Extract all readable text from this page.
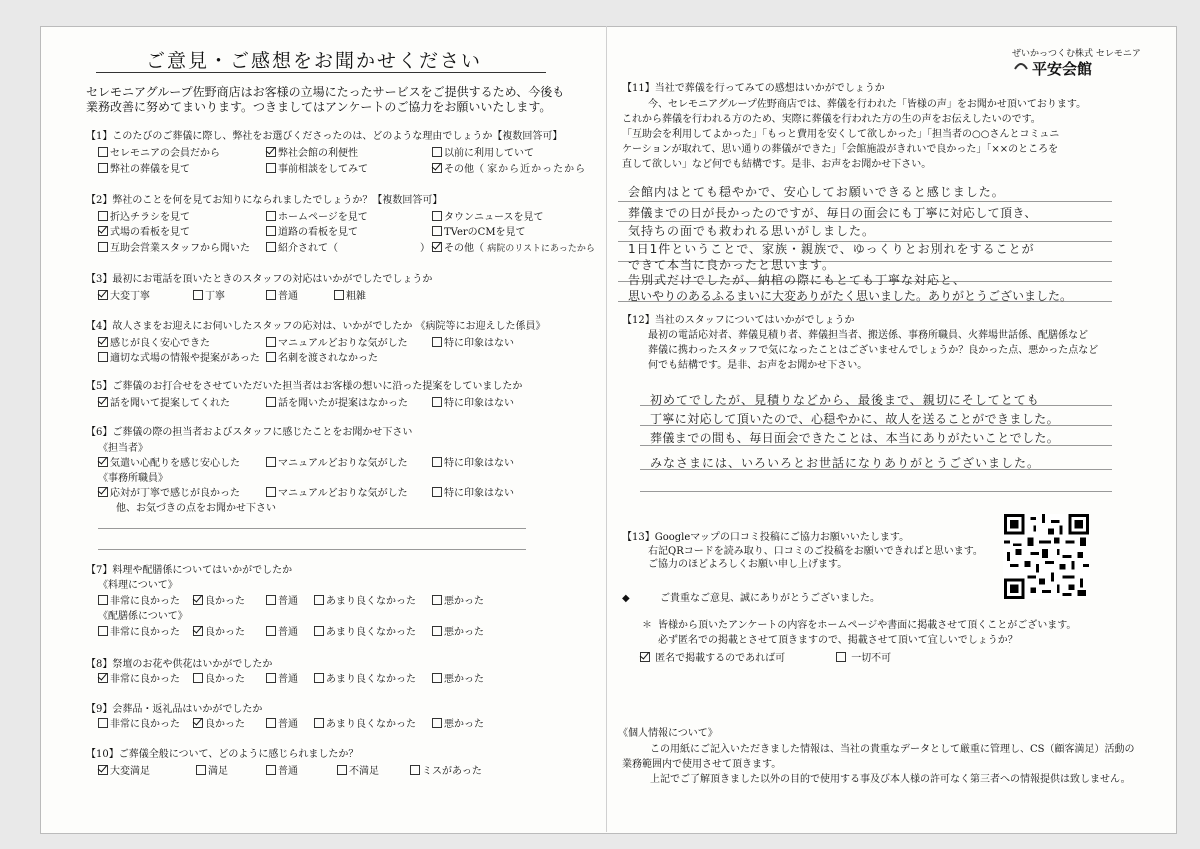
ご意見・ご感想をお聞かせください
セレモニアグループ佐野商店はお客様の立場にたったサービスをご提供するため、今後も
業務改善に努めてまいります。つきましてはアンケートのご協力をお願いいたします。
【1】このたびのご葬儀に際し、弊社をお選びくださったのは、どのような理由でしょうか【複数回答可】
セレモニアの会員だから	弊社会館の利便性	以前に利用していて
弊社の葬儀を見て	事前相談をしてみて	その他（ 家から近かったから
【2】弊社のことを何を見てお知りになられましたでしょうか？【複数回答可】
折込チラシを見て	ホームページを見て	タウンニュースを見て
式場の看板を見て	道路の看板を見て	TVerのCMを見て
互助会営業スタッフから聞いた	紹介されて（	）	その他（ 病院のリストにあったから
【3】最初にお電話を頂いたときのスタッフの対応はいかがでしたでしょうか
大変丁寧	丁寧	普通	粗雑
【4】故人さまをお迎えにお伺いしたスタッフの応対は、いかがでしたか 《病院等にお迎えした係員》
感じが良く安心できた	マニュアルどおりな気がした	特に印象はない
適切な式場の情報や提案があった	名刺を渡されなかった
【5】ご葬儀のお打合せをさせていただいた担当者はお客様の想いに沿った提案をしていましたか
話を聞いて提案してくれた	話を聞いたが提案はなかった	特に印象はない
【6】ご葬儀の際の担当者およびスタッフに感じたことをお聞かせ下さい
《担当者》
気遣い心配りを感じ安心した	マニュアルどおりな気がした	特に印象はない
《事務所職員》
応対が丁寧で感じが良かった	マニュアルどおりな気がした	特に印象はない
他、お気づきの点をお聞かせ下さい
【7】料理や配膳係についてはいかがでしたか
《料理について》
非常に良かった	良かった	普通	あまり良くなかった	悪かった
《配膳係について》
非常に良かった	良かった	普通	あまり良くなかった	悪かった
【8】祭壇のお花や供花はいかがでしたか
非常に良かった	良かった	普通	あまり良くなかった	悪かった
【9】会葬品・返礼品はいかがでしたか
非常に良かった	良かった	普通	あまり良くなかった	悪かった
【10】ご葬儀全般について、どのように感じられましたか？
大変満足	満足	普通	不満足	ミスがあった
ぜいかっつくむ株式 セレモニア
平安会館
【11】当社で葬儀を行ってみての感想はいかがでしょうか
今、セレモニアグループ佐野商店では、葬儀を行われた「皆様の声」をお聞かせ頂いております。
これから葬儀を行われる方のため、実際に葬儀を行われた方の生の声をお伝えしたいのです。
「互助会を利用してよかった」「もっと費用を安くして欲しかった」「担当者の○○さんとコミュニ
ケーションが取れて、思い通りの葬儀ができた」「会館施設がきれいで良かった」「××のところを
直して欲しい」など何でも結構です。是非、お声をお聞かせ下さい。
会館内はとても穏やかで、安心してお願いできると感じました。
葬儀までの日が長かったのですが、毎日の面会にも丁寧に対応して頂き、
気持ちの面でも救われる思いがしました。
1日1件ということで、家族・親族で、ゆっくりとお別れをすることが
できて本当に良かったと思います。
告別式だけでしたが、納棺の際にもとても丁寧な対応と、
思いやりのあるふるまいに大変ありがたく思いました。ありがとうございました。
【12】当社のスタッフについてはいかがでしょうか
最初の電話応対者、葬儀見積り者、葬儀担当者、搬送係、事務所職員、火葬場世話係、配膳係など
葬儀に携わったスタッフで気になったことはございませんでしょうか？良かった点、悪かった点など
何でも結構です。是非、お声をお聞かせ下さい。
初めてでしたが、見積りなどから、最後まで、親切にそしてとても
丁寧に対応して頂いたので、心穏やかに、故人を送ることができました。
葬儀までの間も、毎日面会できたことは、本当にありがたいことでした。
みなさまには、いろいろとお世話になりありがとうございました。
【13】Googleマップの口コミ投稿にご協力お願いいたします。
右記QRコードを読み取り、口コミのご投稿をお願いできればと思います。
ご協力のほどよろしくお願い申し上げます。
◆	ご貴重なご意見、誠にありがとうございました。
＊ 皆様から頂いたアンケートの内容をホームページや書面に掲載させて頂くことがございます。
必ず匿名での掲載とさせて頂きますので、掲載させて頂いて宜しいでしょうか？
匿名で掲載するのであれば可	一切不可
《個人情報について》
この用紙にご記入いただきました情報は、当社の貴重なデータとして厳重に管理し、CS（顧客満足）活動の
業務範囲内で使用させて頂きます。
上記でご了解頂きました以外の目的で使用する事及び本人様の許可なく第三者への情報提供は致しません。
